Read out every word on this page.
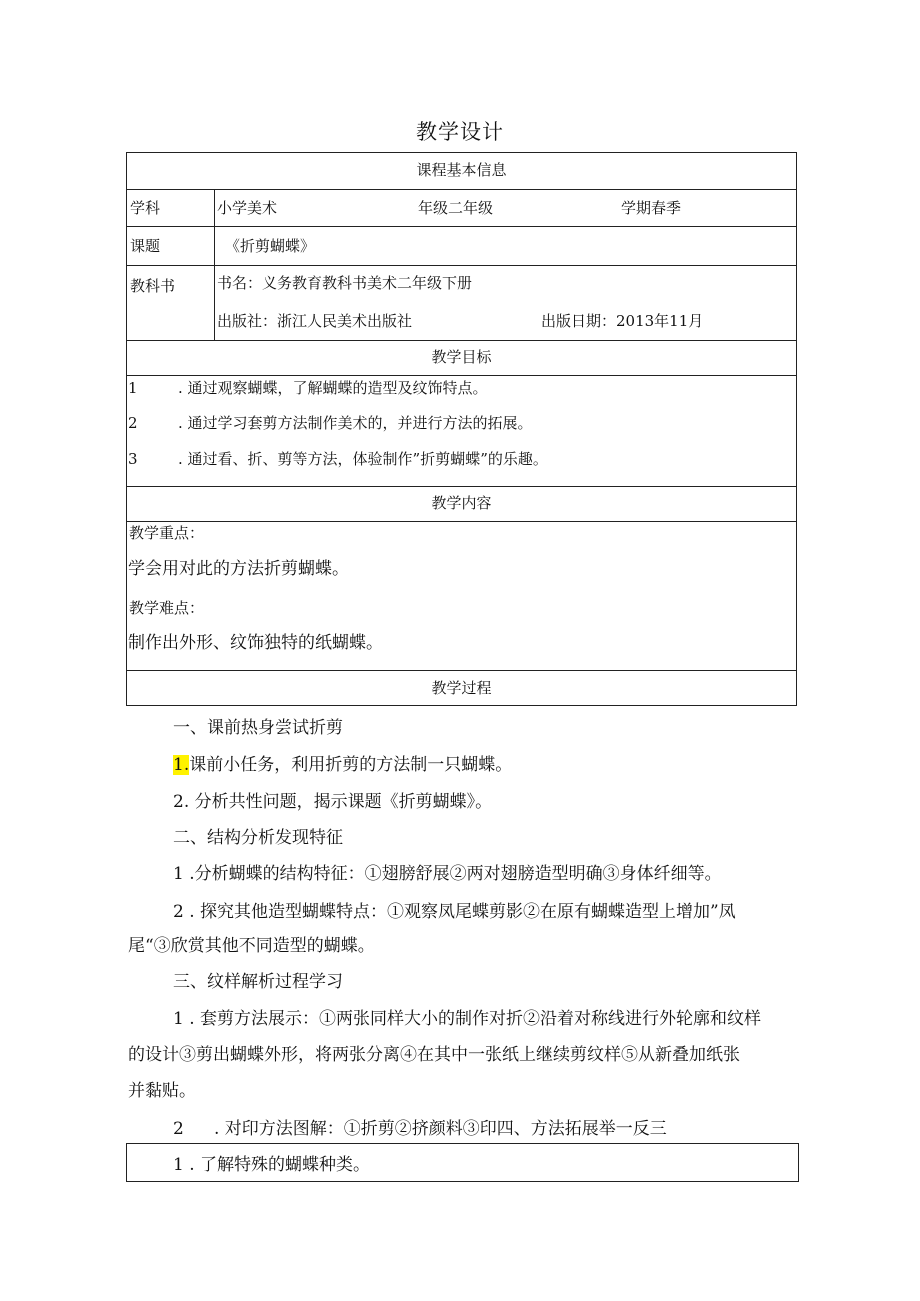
教学设计
课程基本信息
学科	小学美术	年级二年级	学期春季
课题	《折剪蝴蝶》
教科书	书名：义务教育教科书美术二年级下册
出版社：浙江人民美术出版社	出版日期：2013年11月
教学目标
1	. 通过观察蝴蝶，了解蝴蝶的造型及纹饰特点。
2	. 通过学习套剪方法制作美术的，并进行方法的拓展。
3	. 通过看、折、剪等方法，体验制作”折剪蝴蝶”的乐趣。
教学内容
教学重点：
学会用对此的方法折剪蝴蝶。
教学难点：
制作出外形、纹饰独特的纸蝴蝶。
教学过程
一、课前热身尝试折剪
1.课前小任务，利用折剪的方法制一只蝴蝶。
2. 分析共性问题，揭示课题《折剪蝴蝶》。
二、结构分析发现特征
1 .分析蝴蝶的结构特征：①翅膀舒展②两对翅膀造型明确③身体纤细等。
2 . 探究其他造型蝴蝶特点：①观察凤尾蝶剪影②在原有蝴蝶造型上增加”凤
尾“③欣赏其他不同造型的蝴蝶。
三、纹样解析过程学习
1 . 套剪方法展示：①两张同样大小的制作对折②沿着对称线进行外轮廓和纹样
的设计③剪出蝴蝶外形，将两张分离④在其中一张纸上继续剪纹样⑤从新叠加纸张
并黏贴。
2 . 对印方法图解：①折剪②挤颜料③印四、方法拓展举一反三
1 . 了解特殊的蝴蝶种类。
